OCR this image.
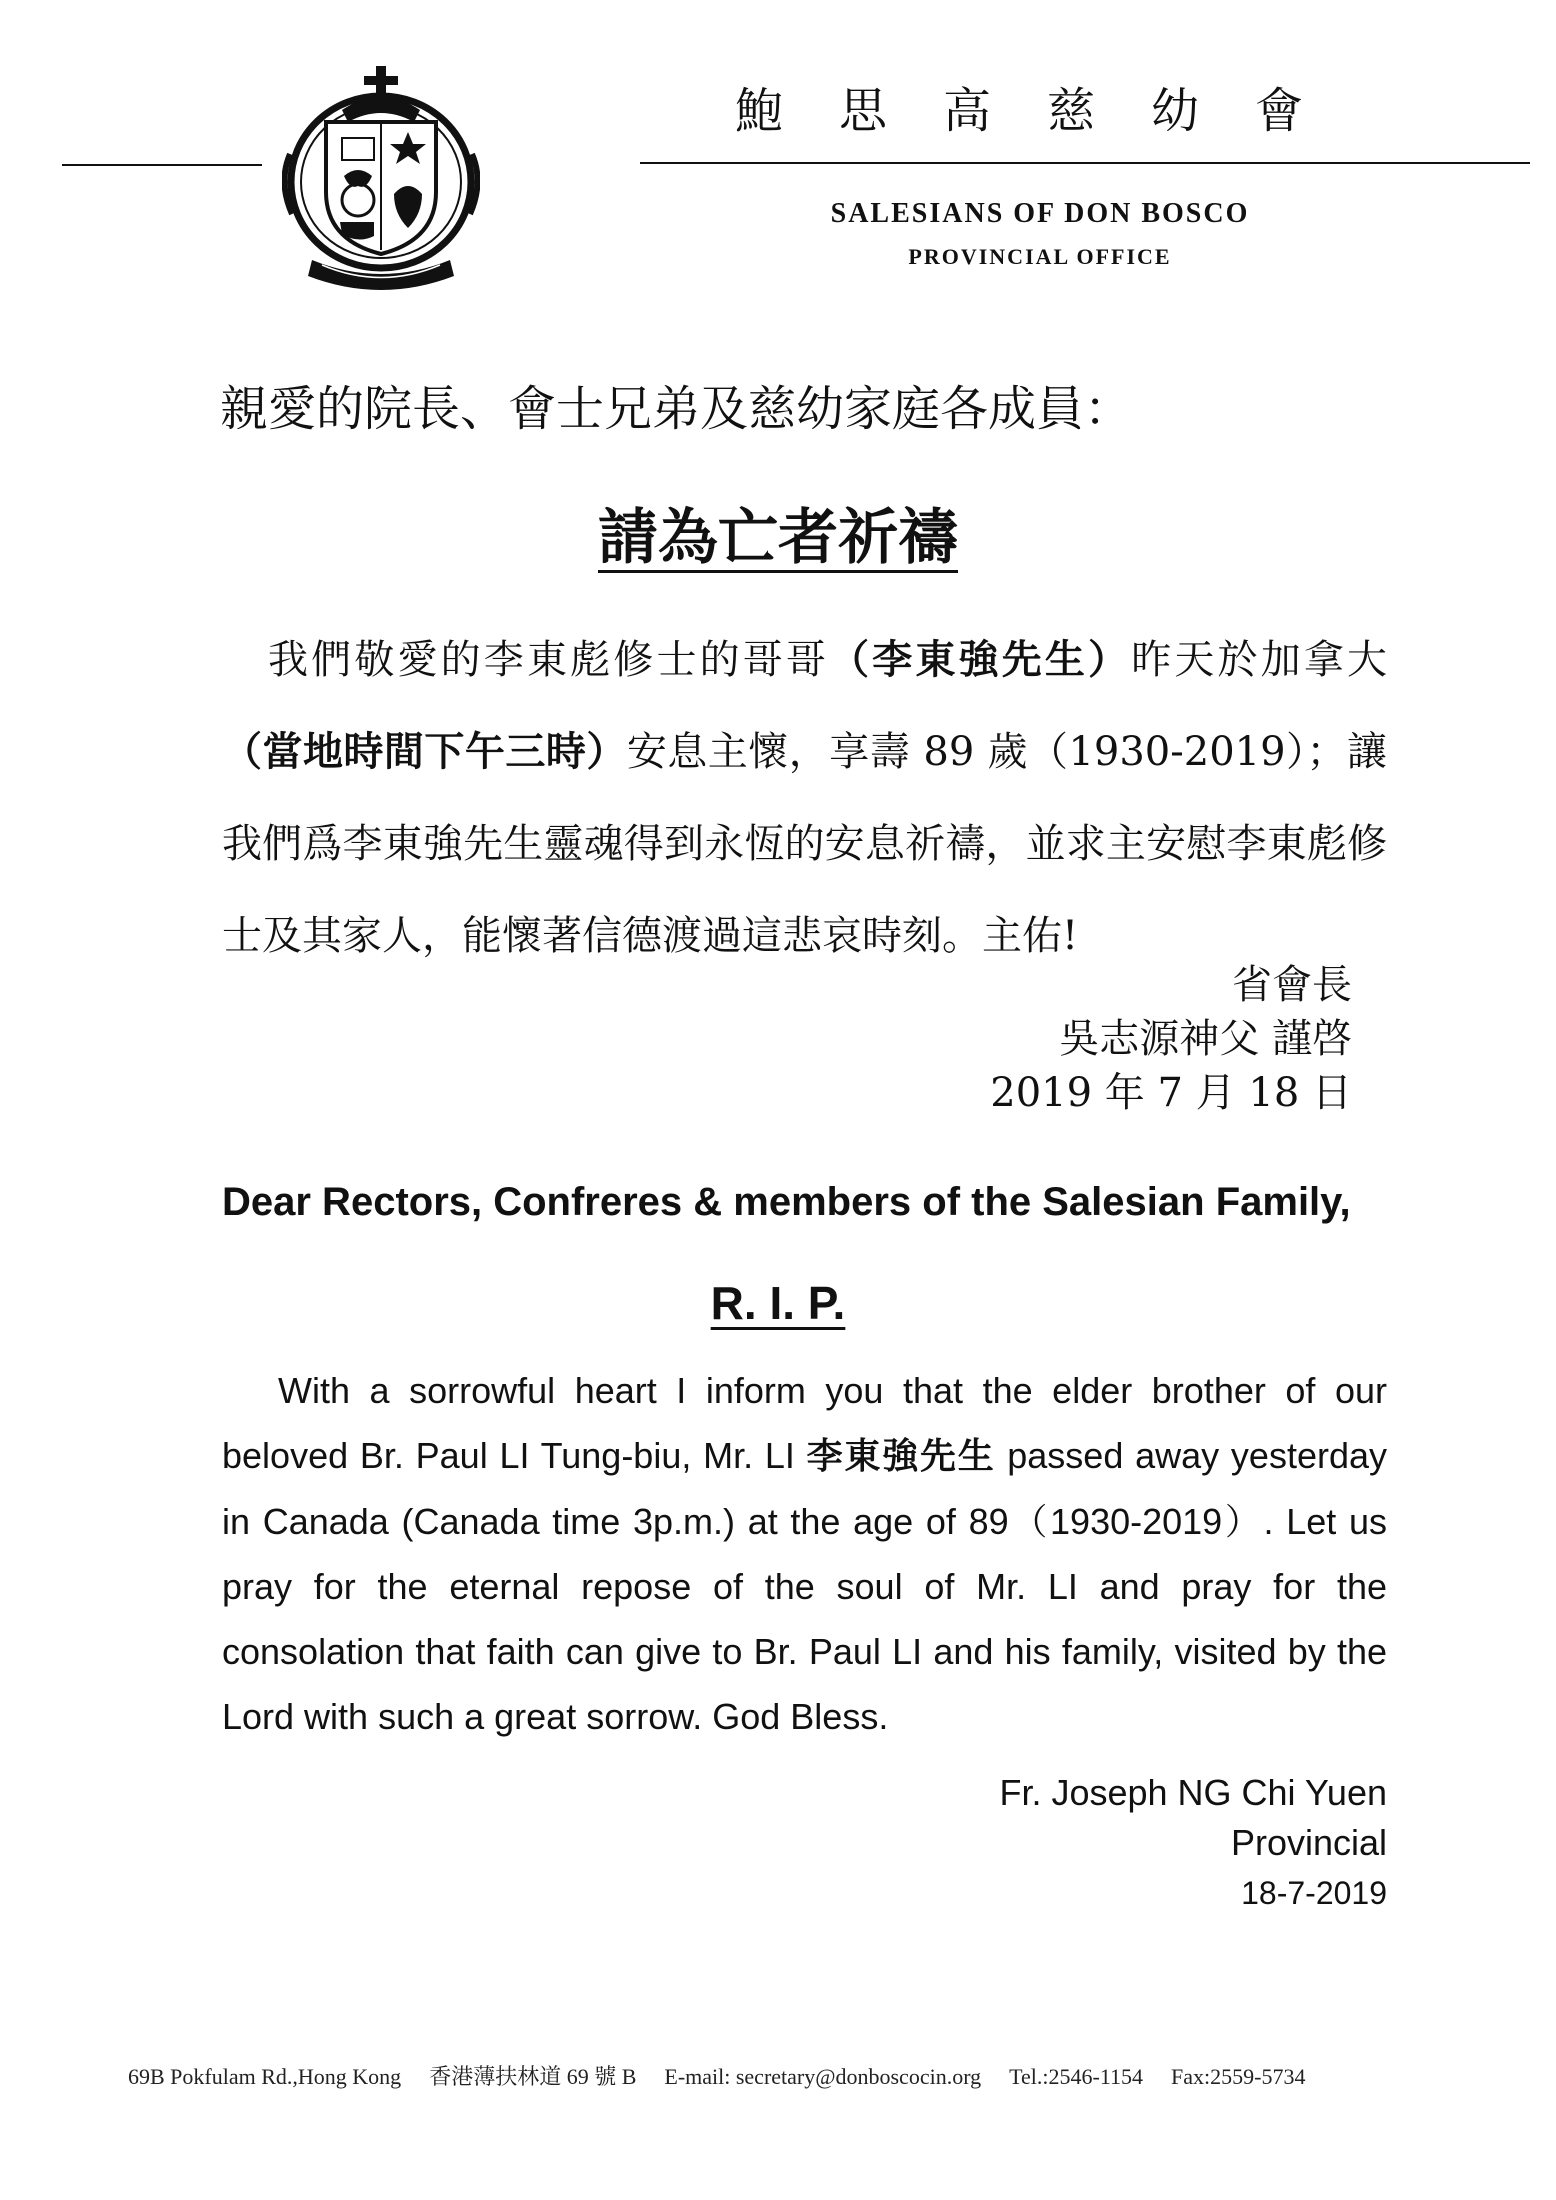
鮑思高慈幼會
SALESIANS OF DON BOSCO
PROVINCIAL OFFICE
親愛的院長、會士兄弟及慈幼家庭各成員：
請為亡者祈禱
我們敬愛的李東彪修士的哥哥（李東強先生）昨天於加拿大（當地時間下午三時）安息主懷，享壽 89 歲（1930-2019）；讓我們爲李東強先生靈魂得到永恆的安息祈禱，並求主安慰李東彪修士及其家人，能懷著信德渡過這悲哀時刻。主佑!
省會長
吳志源神父 謹啓
2019 年 7 月 18 日
Dear Rectors, Confreres & members of the Salesian Family,
R. I. P.
With a sorrowful heart I inform you that the elder brother of our beloved Br. Paul LI Tung-biu, Mr. LI 李東強先生 passed away yesterday in Canada (Canada time 3p.m.) at the age of 89（1930-2019）. Let us pray for the eternal repose of the soul of Mr. LI and pray for the consolation that faith can give to Br. Paul LI and his family, visited by the Lord with such a great sorrow. God Bless.
Fr. Joseph NG Chi Yuen
Provincial
18-7-2019
69B Pokfulam Rd.,Hong Kong 香港薄扶林道 69 號 B E-mail: secretary@donboscocin.org Tel.:2546-1154 Fax:2559-5734
